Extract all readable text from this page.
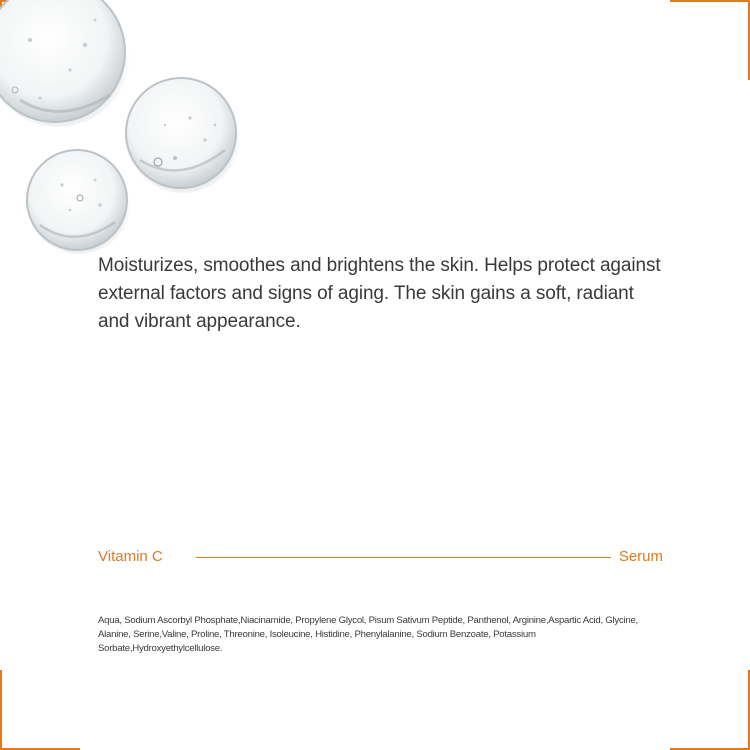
Moisturizes, smoothes and brightens the skin. Helps protect against external factors and signs of aging. The skin gains a soft, radiant and vibrant appearance.

Vitamin C	Serum

Aqua, Sodium Ascorbyl Phosphate,Niacinamide, Propylene Glycol, Pisum Sativum Peptide, Panthenol, Arginine,Aspartic Acid, Glycine, Alanine, Serine,Valine, Proline, Threonine, Isoleucine, Histidine, Phenylalanine, Sodium Benzoate, Potassium Sorbate,Hydroxyethylcellulose.
